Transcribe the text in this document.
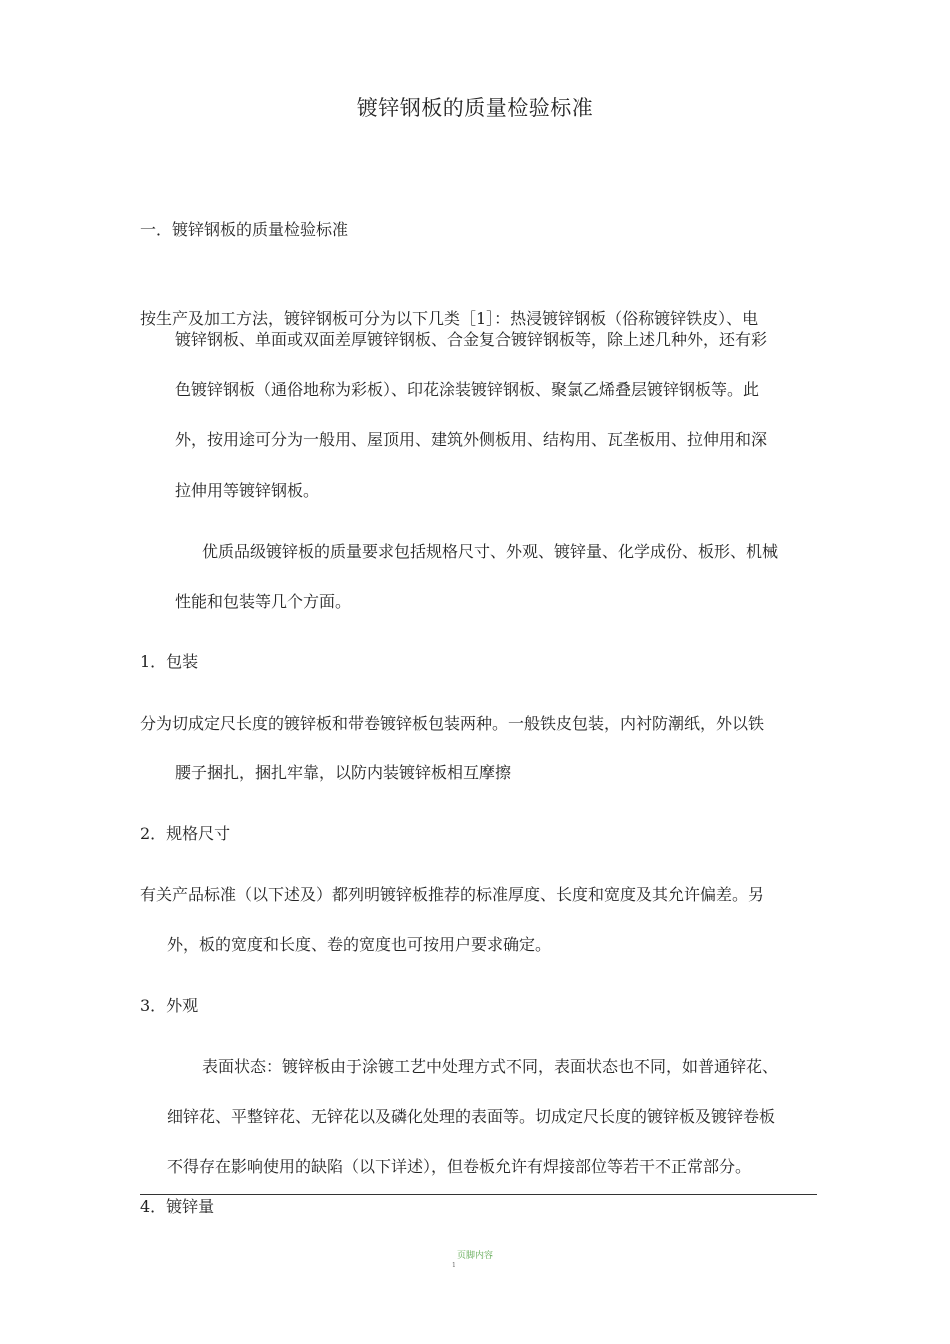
镀锌钢板的质量检验标准
一．镀锌钢板的质量检验标准
按生产及加工方法，镀锌钢板可分为以下几类［1］：热浸镀锌钢板（俗称镀锌铁皮）、电
镀锌钢板、单面或双面差厚镀锌钢板、合金复合镀锌钢板等，除上述几种外，还有彩
色镀锌钢板（通俗地称为彩板）、印花涂装镀锌钢板、聚氯乙烯叠层镀锌钢板等。此
外，按用途可分为一般用、屋顶用、建筑外侧板用、结构用、瓦垄板用、拉伸用和深
拉伸用等镀锌钢板。
优质品级镀锌板的质量要求包括规格尺寸、外观、镀锌量、化学成份、板形、机械
性能和包装等几个方面。
1．包装
分为切成定尺长度的镀锌板和带卷镀锌板包装两种。一般铁皮包装，内衬防潮纸，外以铁
腰子捆扎，捆扎牢靠，以防内装镀锌板相互摩擦
2．规格尺寸
有关产品标准（以下述及）都列明镀锌板推荐的标准厚度、长度和宽度及其允许偏差。另
外，板的宽度和长度、卷的宽度也可按用户要求确定。
3．外观
表面状态：镀锌板由于涂镀工艺中处理方式不同，表面状态也不同，如普通锌花、
细锌花、平整锌花、无锌花以及磷化处理的表面等。切成定尺长度的镀锌板及镀锌卷板
不得存在影响使用的缺陷（以下详述），但卷板允许有焊接部位等若干不正常部分。
4．镀锌量
页脚内容
1
